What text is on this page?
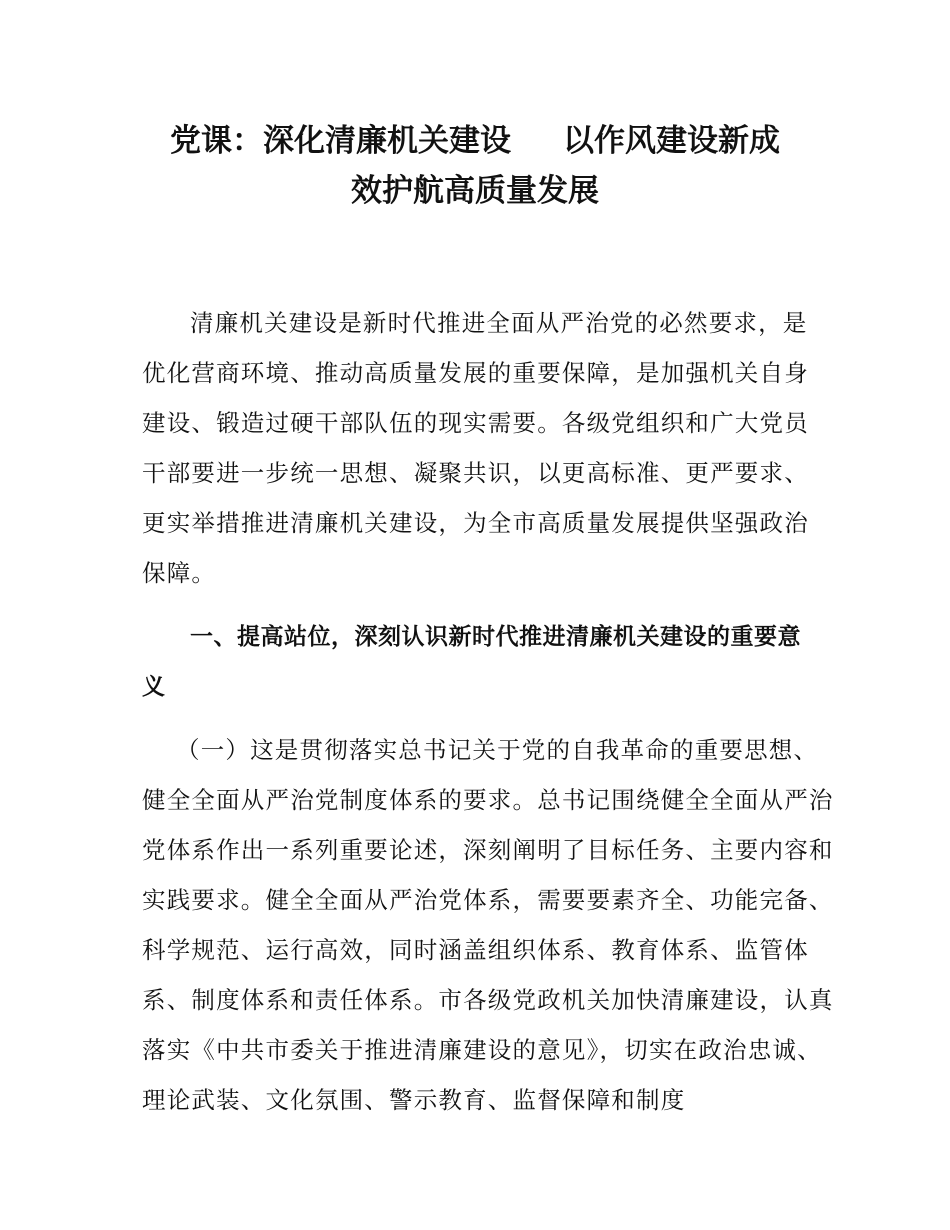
党课：深化清廉机关建设 以作风建设新成
效护航高质量发展

清廉机关建设是新时代推进全面从严治党的必然要求，是优化营商环境、推动高质量发展的重要保障，是加强机关自身建设、锻造过硬干部队伍的现实需要。各级党组织和广大党员干部要进一步统一思想、凝聚共识，以更高标准、更严要求、更实举措推进清廉机关建设，为全市高质量发展提供坚强政治保障。

一、提高站位，深刻认识新时代推进清廉机关建设的重要意义

（一）这是贯彻落实总书记关于党的自我革命的重要思想、健全全面从严治党制度体系的要求。总书记围绕健全全面从严治党体系作出一系列重要论述，深刻阐明了目标任务、主要内容和实践要求。健全全面从严治党体系，需要要素齐全、功能完备、科学规范、运行高效，同时涵盖组织体系、教育体系、监管体系、制度体系和责任体系。市各级党政机关加快清廉建设，认真落实《中共市委关于推进清廉建设的意见》，切实在政治忠诚、理论武装、文化氛围、警示教育、监督保障和制度
